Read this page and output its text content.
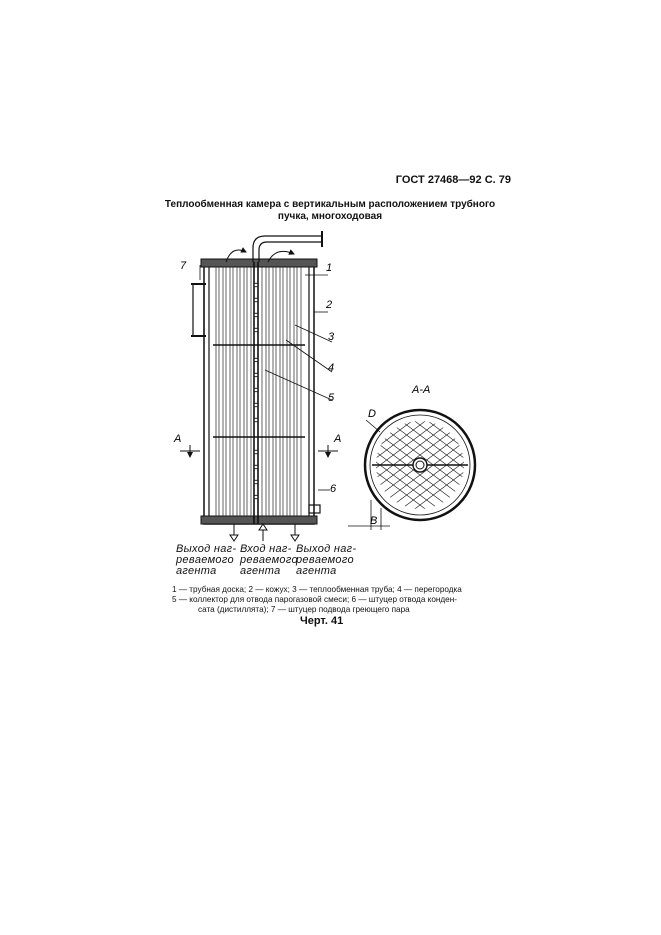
ГОСТ 27468—92 С. 79
Теплообменная камера с вертикальным расположением трубного
пучка, многоходовая
А	А
1
2
3
4
5
6
7
А-А
D
В
Выход наг-
ревaемого
агента
Вход наг-
ревaемого
агента
Выход наг-
ревaемого
агента
1 — трубная доска; 2 — кожух; 3 — теплообменная труба; 4 — перегородка
5 — коллектор для отвода парогазовой смеси; 6 — штуцер отвода конден-
сата (дистиллята); 7 — штуцер подвода греющего пара
Черт. 41
